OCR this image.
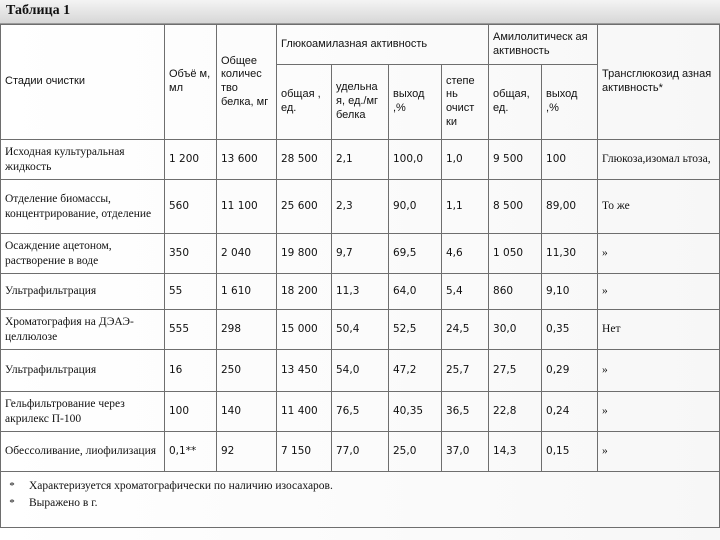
Таблица 1
Стадии очистки	Объё м, мл	Общее количес тво белка, мг	Глюкоамилазная активность				Амилолитическ ая активность		Трансглюкозид азная активность*
			общая , ед.	удельна я, ед./мг белка	выход ,%	степе нь очист ки	общая, ед.	выход ,%	
Исходная культуральная жидкость	1 200	13 600	28 500	2,1	100,0	1,0	9 500	100	Глюкоза,изомал ьтоза,
Отделение биомассы, концентрирование, отделение	560	11 100	25 600	2,3	90,0	1,1	8 500	89,00	То же
Осаждение ацетоном, растворение в воде	350	2 040	19 800	9,7	69,5	4,6	1 050	11,30	»
Ультрафильтрация	55	1 610	18 200	11,3	64,0	5,4	860	9,10	»
Хроматография на ДЭАЭ-целлюлозе	555	298	15 000	50,4	52,5	24,5	30,0	0,35	Нет
Ультрафильтрация	16	250	13 450	54,0	47,2	25,7	27,5	0,29	»
Гельфильтрование через акрилекс П-100	100	140	11 400	76,5	40,35	36,5	22,8	0,24	»
Обессоливание, лиофилизация	0,1**	92	7 150	77,0	25,0	37,0	14,3	0,15	»

*
*
Характеризуется хроматографически по наличию изосахаров.
Выражено в г.									
